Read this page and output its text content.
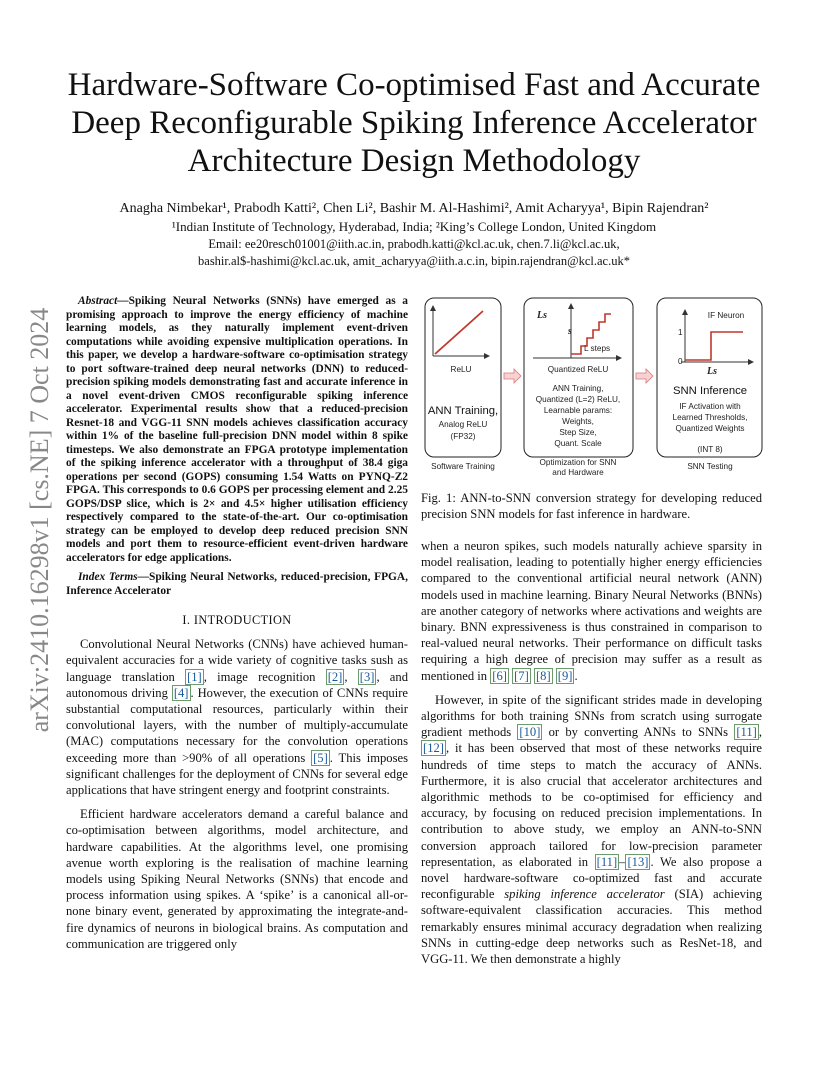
Hardware-Software Co-optimised Fast and Accurate
Deep Reconfigurable Spiking Inference Accelerator
Architecture Design Methodology
Anagha Nimbekar¹, Prabodh Katti², Chen Li², Bashir M. Al-Hashimi², Amit Acharyya¹, Bipin Rajendran²
¹Indian Institute of Technology, Hyderabad, India; ²King’s College London, United Kingdom
Email: ee20resch01001@iith.ac.in, prabodh.katti@kcl.ac.uk, chen.7.li@kcl.ac.uk,
bashir.al$-hashimi@kcl.ac.uk, amit_acharyya@iith.a.c.in, bipin.rajendran@kcl.ac.uk*
arXiv:2410.16298v1 [cs.NE] 7 Oct 2024

Abstract—Spiking Neural Networks (SNNs) have emerged as a promising approach to improve the energy efficiency of machine learning models, as they naturally implement event-driven computations while avoiding expensive multiplication operations. In this paper, we develop a hardware-software co-optimisation strategy to port software-trained deep neural networks (DNN) to reduced-precision spiking models demonstrating fast and accurate inference in a novel event-driven CMOS reconfigurable spiking inference accelerator. Experimental results show that a reduced-precision Resnet-18 and VGG-11 SNN models achieves classification accuracy within 1% of the baseline full-precision DNN model within 8 spike timesteps. We also demonstrate an FPGA prototype implementation of the spiking inference accelerator with a throughput of 38.4 giga operations per second (GOPS) consuming 1.54 Watts on PYNQ-Z2 FPGA. This corresponds to 0.6 GOPS per processing element and 2.25 GOPS/DSP slice, which is 2× and 4.5× higher utilisation efficiency respectively compared to the state-of-the-art. Our co-optimisation strategy can be employed to develop deep reduced precision SNN models and port them to resource-efficient event-driven hardware accelerators for edge applications.

Index Terms—Spiking Neural Networks, reduced-precision, FPGA, Inference Accelerator

I. INTRODUCTION

Convolutional Neural Networks (CNNs) have achieved human-equivalent accuracies for a wide variety of cognitive tasks sush as language translation [1] , image recognition [2] , [3] , and autonomous driving [4] . However, the execution of CNNs require substantial computational resources, particularly within their convolutional layers, with the number of multiply-accumulate (MAC) computations necessary for the convolution operations exceeding more than >90% of all operations [5] . This imposes significant challenges for the deployment of CNNs for several edge applications that have stringent energy and footprint constraints.

Efficient hardware accelerators demand a careful balance and co-optimisation between algorithms, model architecture, and hardware capabilities. At the algorithms level, one promising avenue worth exploring is the realisation of machine learning models using Spiking Neural Networks (SNNs) that encode and process information using spikes. A ‘spike’ is a canonical all-or-none binary event, generated by approximating the integrate-and-fire dynamics of neurons in biological brains. As computation and communication are triggered only

ReLU
ANN Training,
Analog ReLU
(FP32)
Software Training
Ls
s
L steps
Quantized ReLU
ANN Training,
Quantized (L=2) ReLU,
Learnable params:
Weights,
Step Size,
Quant. Scale
Optimization for SNN
and Hardware
IF Neuron
1
0
Ls
SNN Inference
IF Activation with
Learned Thresholds,
Quantized Weights
(INT 8)
SNN Testing
Fig. 1: ANN-to-SNN conversion strategy for developing reduced precision SNN models for fast inference in hardware.

when a neuron spikes, such models naturally achieve sparsity in model realisation, leading to potentially higher energy efficiencies compared to the conventional artificial neural network (ANN) models used in machine learning. Binary Neural Networks (BNNs) are another category of networks where activations and weights are binary. BNN expressiveness is thus constrained in comparison to real-valued neural networks. Their performance on difficult tasks requiring a high degree of precision may suffer as a result as mentioned in [6] [7] [8] [9] .

However, in spite of the significant strides made in developing algorithms for both training SNNs from scratch using surrogate gradient methods [10] or by converting ANNs to SNNs [11] , [12] , it has been observed that most of these networks require hundreds of time steps to match the accuracy of ANNs. Furthermore, it is also crucial that accelerator architectures and algorithmic methods to be co-optimised for efficiency and accuracy, by focusing on reduced precision implementations. In contribution to above study, we employ an ANN-to-SNN conversion approach tailored for low-precision parameter representation, as elaborated in [11] – [13] . We also propose a novel hardware-software co-optimized fast and accurate reconfigurable spiking inference accelerator (SIA) achieving software-equivalent classification accuracies. This method remarkably ensures minimal accuracy degradation when realizing SNNs in cutting-edge deep networks such as ResNet-18, and VGG-11. We then demonstrate a highly
